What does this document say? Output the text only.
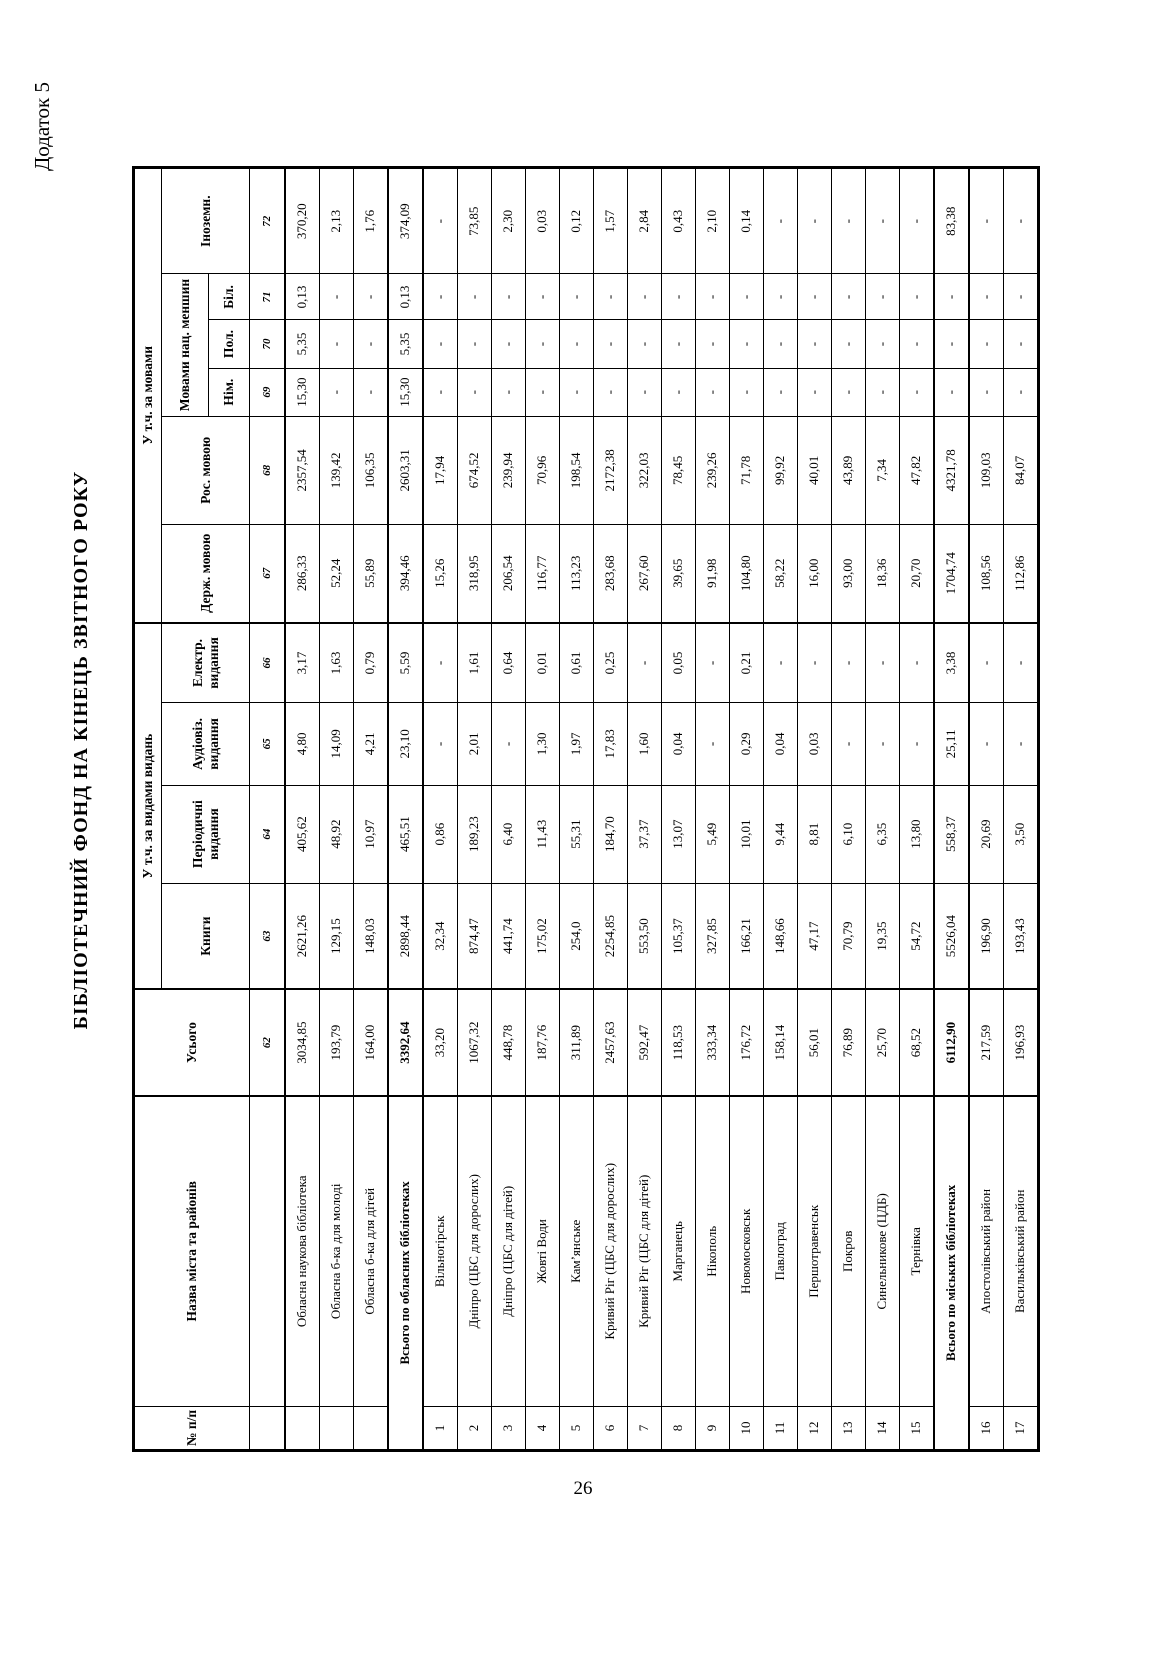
Додаток 5
БІБЛІОТЕЧНИЙ ФОНД НА КІНЕЦЬ ЗВІТНОГО РОКУ
№ п/п	Назва міста та районів	Усього	У т.ч. за видами видань				У т.ч. за мовами					
			Книги	Періодичні видання	Аудіовіз. видання	Електр. видання	Держ. мовою	Рос. мовою	Мовами нац. меншин			Іноземн.
									Нім.	Пол.	Біл.	
		62	63	64	65	66	67	68	69	70	71	72
	Обласна наукова бібліотека	3034,85	2621,26	405,62	4,80	3,17	286,33	2357,54	15,30	5,35	0,13	370,20
	Обласна б-ка для молоді	193,79	129,15	48,92	14,09	1,63	52,24	139,42	-	-	-	2,13
	Обласна б-ка для дітей	164,00	148,03	10,97	4,21	0,79	55,89	106,35	-	-	-	1,76
Всього по обласних бібліотеках		3392,64	2898,44	465,51	23,10	5,59	394,46	2603,31	15,30	5,35	0,13	374,09
1	Вільногірськ	33,20	32,34	0,86	-	-	15,26	17,94	-	-	-	-
2	Дніпро (ЦБС для дорослих)	1067,32	874,47	189,23	2,01	1,61	318,95	674,52	-	-	-	73,85
3	Дніпро (ЦБС для дітей)	448,78	441,74	6,40	-	0,64	206,54	239,94	-	-	-	2,30
4	Жовті Води	187,76	175,02	11,43	1,30	0,01	116,77	70,96	-	-	-	0,03
5	Кам’янське	311,89	254,0	55,31	1,97	0,61	113,23	198,54	-	-	-	0,12
6	Кривий Ріг (ЦБС для дорослих)	2457,63	2254,85	184,70	17,83	0,25	283,68	2172,38	-	-	-	1,57
7	Кривий Ріг (ЦБС для дітей)	592,47	553,50	37,37	1,60	-	267,60	322,03	-	-	-	2,84
8	Марганець	118,53	105,37	13,07	0,04	0,05	39,65	78,45	-	-	-	0,43
9	Нікополь	333,34	327,85	5,49	-	-	91,98	239,26	-	-	-	2,10
10	Новомосковськ	176,72	166,21	10,01	0,29	0,21	104,80	71,78	-	-	-	0,14
11	Павлоград	158,14	148,66	9,44	0,04	-	58,22	99,92	-	-	-	-
12	Першотравенськ	56,01	47,17	8,81	0,03	-	16,00	40,01	-	-	-	-
13	Покров	76,89	70,79	6,10	-	-	93,00	43,89	-	-	-	-
14	Синельникове (ЦДБ)	25,70	19,35	6,35	-	-	18,36	7,34	-	-	-	-
15	Тернівка	68,52	54,72	13,80	-	-	20,70	47,82	-	-	-	-
Всього по міських бібліотеках		6112,90	5526,04	558,37	25,11	3,38	1704,74	4321,78	-	-	-	83,38
16	Апостолівський район	217,59	196,90	20,69	-	-	108,56	109,03	-	-	-	-
17	Васильківський район	196,93	193,43	3,50	-	-	112,86	84,07	-	-	-	-
26
